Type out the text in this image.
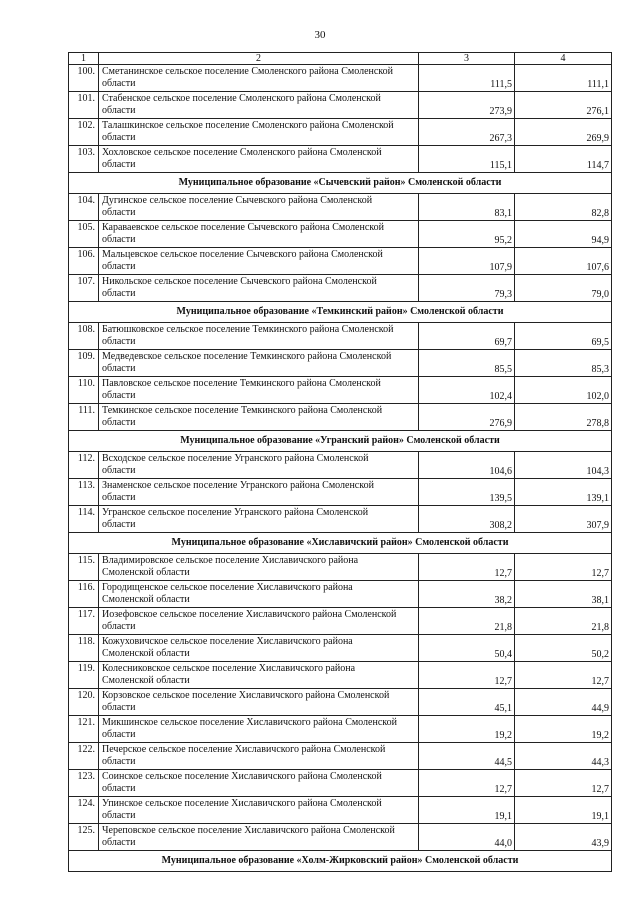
30
1	2	3	4
100.	Сметанинское сельское поселение Смоленского района Смоленской
области	111,5	111,1
101.	Стабенское сельское поселение Смоленского района Смоленской
области	273,9	276,1
102.	Талашкинское сельское поселение Смоленского района Смоленской
области	267,3	269,9
103.	Хохловское сельское поселение Смоленского района Смоленской
области	115,1	114,7
Муниципальное образование «Сычевский район» Смоленской области			
104.	Дугинское сельское поселение Сычевского района Смоленской
области	83,1	82,8
105.	Караваевское сельское поселение Сычевского района Смоленской
области	95,2	94,9
106.	Мальцевское сельское поселение Сычевского района Смоленской
области	107,9	107,6
107.	Никольское сельское поселение Сычевского района Смоленской
области	79,3	79,0
Муниципальное образование «Темкинский район» Смоленской области			
108.	Батюшковское сельское поселение Темкинского района Смоленской
области	69,7	69,5
109.	Медведевское сельское поселение Темкинского района Смоленской
области	85,5	85,3
110.	Павловское сельское поселение Темкинского района Смоленской
области	102,4	102,0
111.	Темкинское сельское поселение Темкинского района Смоленской
области	276,9	278,8
Муниципальное образование «Угранский район» Смоленской области			
112.	Всходское сельское поселение Угранского района Смоленской
области	104,6	104,3
113.	Знаменское сельское поселение Угранского района Смоленской
области	139,5	139,1
114.	Угранское сельское поселение Угранского района Смоленской
области	308,2	307,9
Муниципальное образование «Хиславичский район» Смоленской области			
115.	Владимировское сельское поселение Хиславичского района
Смоленской области	12,7	12,7
116.	Городищенское сельское поселение Хиславичского района
Смоленской области	38,2	38,1
117.	Иозефовское сельское поселение Хиславичского района Смоленской
области	21,8	21,8
118.	Кожуховичское сельское поселение Хиславичского района
Смоленской области	50,4	50,2
119.	Колесниковское сельское поселение Хиславичского района
Смоленской области	12,7	12,7
120.	Корзовское сельское поселение Хиславичского района Смоленской
области	45,1	44,9
121.	Микшинское сельское поселение Хиславичского района Смоленской
области	19,2	19,2
122.	Печерское сельское поселение Хиславичского района Смоленской
области	44,5	44,3
123.	Соинское сельское поселение Хиславичского района Смоленской
области	12,7	12,7
124.	Упинское сельское поселение Хиславичского района Смоленской
области	19,1	19,1
125.	Череповское сельское поселение Хиславичского района Смоленской
области	44,0	43,9
Муниципальное образование «Холм-Жирковский район» Смоленской области			
